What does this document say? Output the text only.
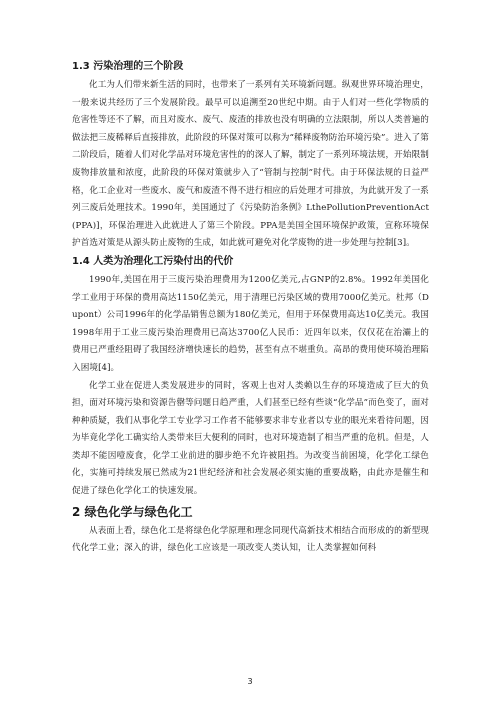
1.3 污染治理的三个阶段

化工为人们带来新生活的同时，也带来了一系列有关环境新问题。纵观世界环境治理史，一般来说共经历了三个发展阶段。最早可以追溯至20世纪中期。由于人们对一些化学物质的危害性等还不了解，而且对废水、废气、废渣的排放也没有明确的立法限制，所以人类普遍的做法把三废稀释后直接排放，此阶段的环保对策可以称为“稀释废物防治环境污染”。进入了第二阶段后，随着人们对化学品对环境危害性的的深人了解，制定了一系列环境法规，开始限制废物排放量和浓度，此阶段的环保对策就步入了“管制与控制”时代。由于环保法规的日益严格，化工企业对一些废水、废气和废渣不得不进行相应的后处理才可排放，为此就开发了一系列三废后处理技术。1990年，美国通过了《污染防治条例》LthePollutionPreventionAct(PPA)]，环保治理进入此就进人了第三个阶段。PPA是美国全国环境保护政策，宣称环境保护首选对策是从源头防止废物的生成，如此就可避免对化学废物的进一步处理与控制[3]。

1.4 人类为治理化工污染付出的代价

1990年,美国在用于三废污染治理费用为1200亿美元,占GNP的2.8%。1992年美国化学工业用于环保的费用高达1150亿美元，用于清理已污染区域的费用7000亿美元。杜邦（Dupont）公司1996年的化学品销售总额为180亿美元，但用于环保费用高达10亿美元。我国1998年用于工业三废污染治理费用已高达3700亿人民币：近四年以来，仅仅花在治灞上的费用已严重经阻碍了我国经济增快速长的趋势，甚至有点不堪重负。高昂的费用使环境治理陷入困境[4]。

化学工业在促进人类发展进步的同时，客观上也对人类赖以生存的环境造成了巨大的负担，面对环境污染和资源告罄等问题日趋严重，人们甚至已经有些谈“化学品”而色变了，面对种种质疑，我们从事化学工专业学习工作者不能够要求非专业者以专业的眼光来看待问题，因为毕竟化学化工确实给人类带来巨大便利的同时，也对环境造制了相当严重的危机。但是，人类却不能因噎废食，化学工业前进的脚步绝不允许被阻挡。为改变当前困境，化学化工绿色化，实施可持续发展已然成为21世纪经济和社会发展必须实施的重要战略，由此亦是催生和促进了绿色化学化工的快速发展。

2 绿色化学与绿色化工

从表面上看，绿色化工是将绿色化学原理和理念同现代高新技术相结合而形成的的新型现代化学工业；深入的讲，绿色化工应该是一项改变人类认知，让人类掌握如何科

3
